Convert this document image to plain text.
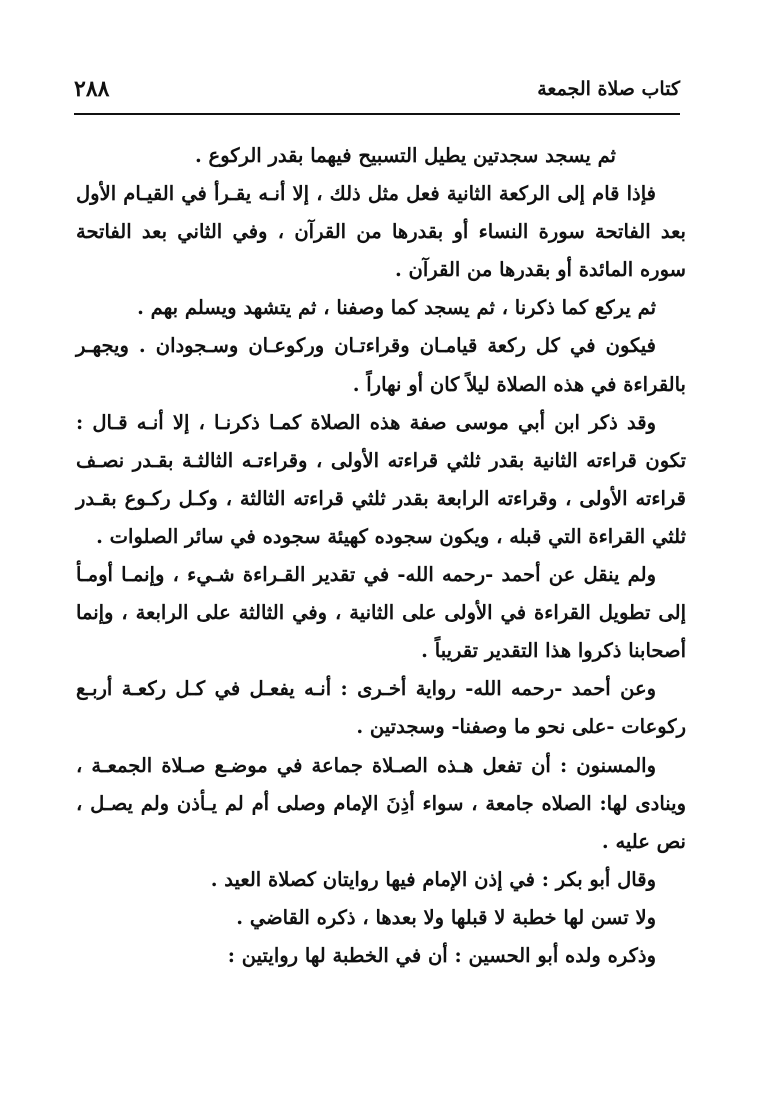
كتاب صلاة الجمعة
٢٨٨

ثم يسجد سجدتين يطيل التسبيح فيهما بقدر الركوع .

فإذا قام إلى الركعة الثانية فعل مثل ذلك ، إلا أنـه يقـرأ في القيـام الأول بعد الفاتحة سورة النساء أو بقدرها من القرآن ، وفي الثاني بعد الفاتحة سوره المائدة أو بقدرها من القرآن .

ثم يركع كما ذكرنا ، ثم يسجد كما وصفنا ، ثم يتشهد ويسلم بهم .

فيكون في كل ركعة قيامـان وقراءتـان وركوعـان وسـجودان . ويجهـر بالقراءة في هذه الصلاة ليلاً كان أو نهاراً .

وقد ذكر ابن أبي موسى صفة هذه الصلاة كمـا ذكرنـا ، إلا أنـه قـال : تكون قراءته الثانية بقدر ثلثي قراءته الأولى ، وقراءتـه الثالثـة بقـدر نصـف قراءته الأولى ، وقراءته الرابعة بقدر ثلثي قراءته الثالثة ، وكـل ركـوع بقـدر ثلثي القراءة التي قبله ، ويكون سجوده كهيئة سجوده في سائر الصلوات .

ولم ينقل عن أحمد -رحمه الله- في تقدير القـراءة شـيء ، وإنمـا أومـأ إلى تطويل القراءة في الأولى على الثانية ، وفي الثالثة على الرابعة ، وإنما أصحابنا ذكروا هذا التقدير تقريباً .

وعن أحمد -رحمه الله- رواية أخـرى : أنـه يفعـل في كـل ركعـة أربـع ركوعات -على نحو ما وصفنا- وسجدتين .

والمسنون : أن تفعل هـذه الصـلاة جماعة في موضـع صـلاة الجمعـة ، وينادى لها: الصلاه جامعة ، سواء أذِنَ الإمام وصلى أم لم يـأذن ولم يصـل ، نص عليه .

وقال أبو بكر : في إذن الإمام فيها روايتان كصلاة العيد .

ولا تسن لها خطبة لا قبلها ولا بعدها ، ذكره القاضي .

وذكره ولده أبو الحسين : أن في الخطبة لها روايتين :
